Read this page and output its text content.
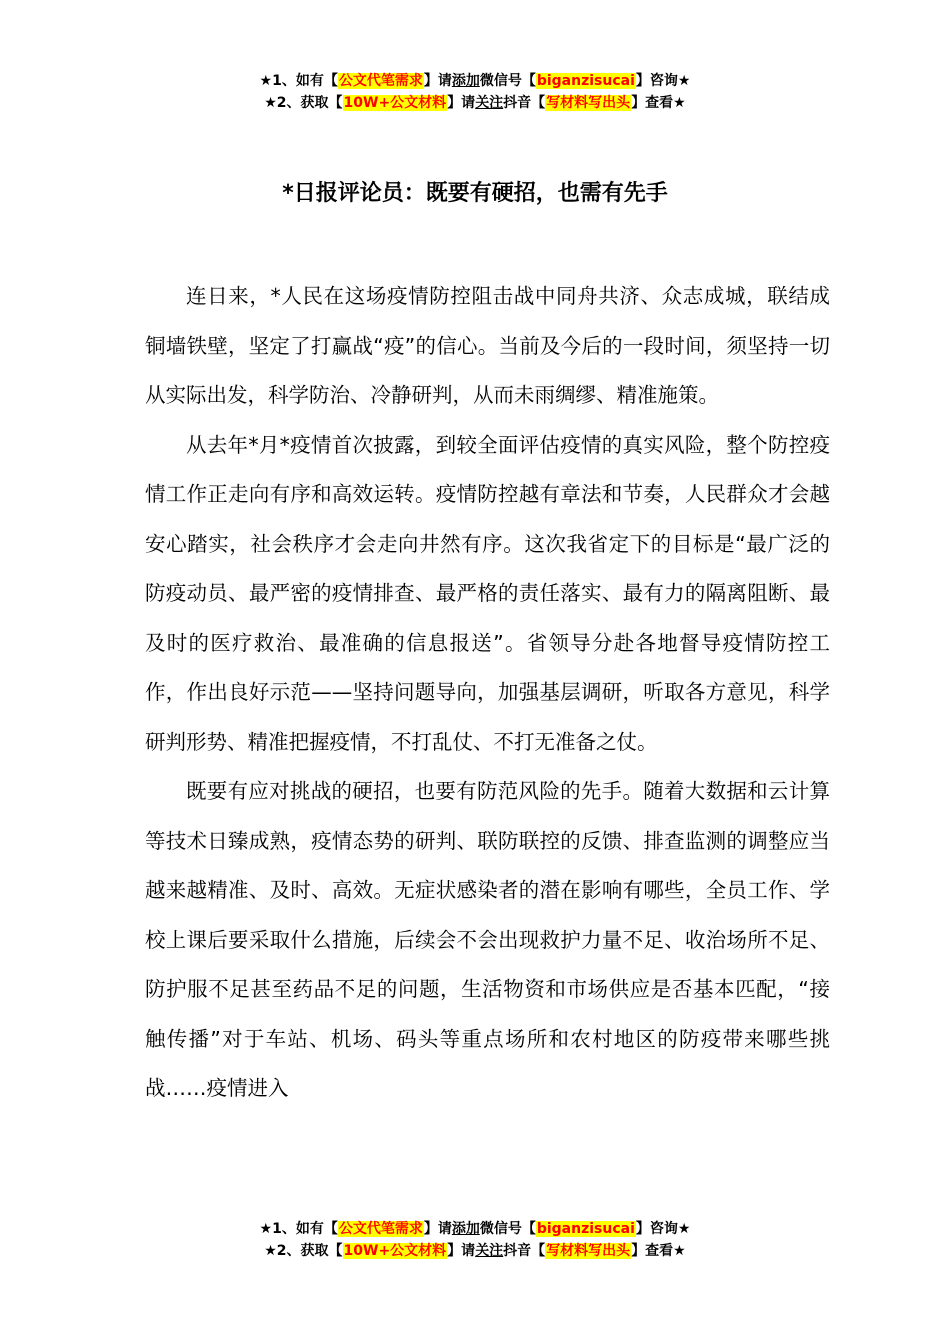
★1、如有【公文代笔需求】请添加微信号【biganzisucai】咨询★
★2、获取【10W+公文材料】请关注抖音【写材料写出头】查看★
*日报评论员：既要有硬招，也需有先手

连日来，*人民在这场疫情防控阻击战中同舟共济、众志成城，联结成铜墙铁壁，坚定了打赢战“疫”的信心。当前及今后的一段时间，须坚持一切从实际出发，科学防治、冷静研判，从而未雨绸缪、精准施策。

从去年*月*疫情首次披露，到较全面评估疫情的真实风险，整个防控疫情工作正走向有序和高效运转。疫情防控越有章法和节奏，人民群众才会越安心踏实，社会秩序才会走向井然有序。这次我省定下的目标是“最广泛的防疫动员、最严密的疫情排查、最严格的责任落实、最有力的隔离阻断、最及时的医疗救治、最准确的信息报送”。省领导分赴各地督导疫情防控工作，作出良好示范——坚持问题导向，加强基层调研，听取各方意见，科学研判形势、精准把握疫情，不打乱仗、不打无准备之仗。

既要有应对挑战的硬招，也要有防范风险的先手。随着大数据和云计算等技术日臻成熟，疫情态势的研判、联防联控的反馈、排查监测的调整应当越来越精准、及时、高效。无症状感染者的潜在影响有哪些，全员工作、学校上课后要采取什么措施，后续会不会出现救护力量不足、收治场所不足、防护服不足甚至药品不足的问题，生活物资和市场供应是否基本匹配，“接触传播”对于车站、机场、码头等重点场所和农村地区的防疫带来哪些挑战……疫情进入

★1、如有【公文代笔需求】请添加微信号【biganzisucai】咨询★
★2、获取【10W+公文材料】请关注抖音【写材料写出头】查看★
